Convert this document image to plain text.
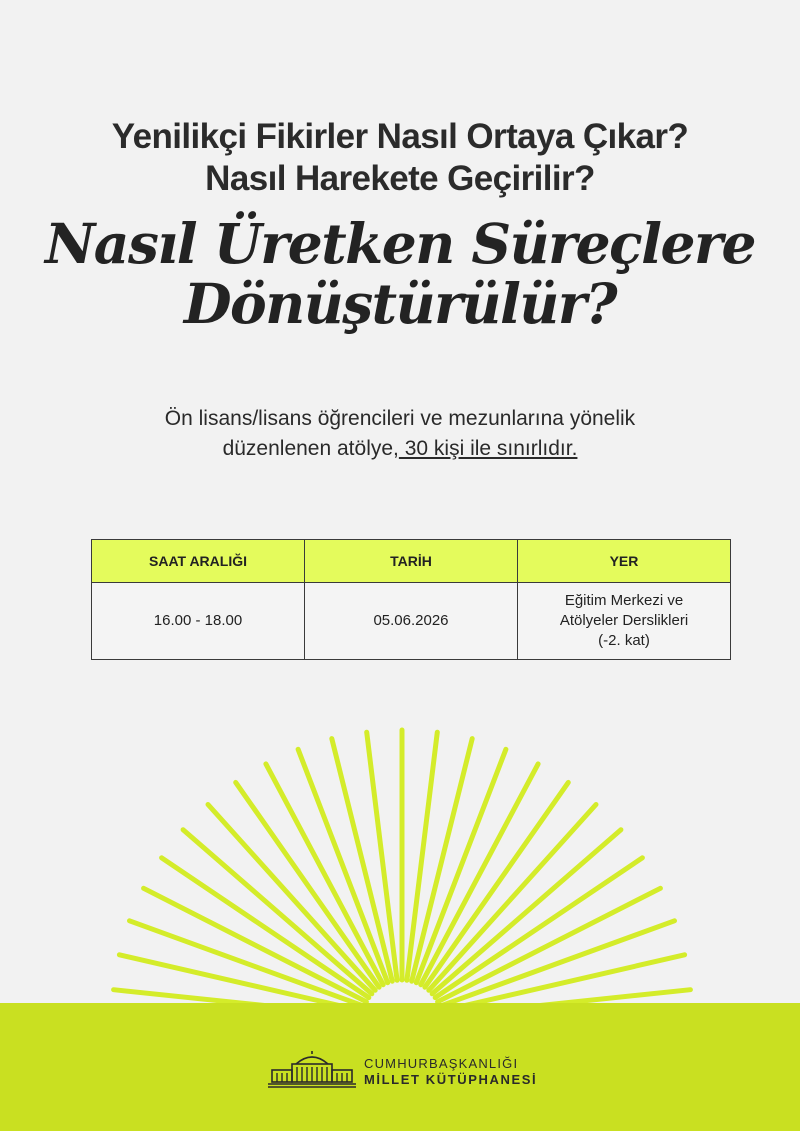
Yenilikçi Fikirler Nasıl Ortaya Çıkar?
Nasıl Harekete Geçirilir?
Nasıl Üretken Süreçlere
Dönüştürülür?
Ön lisans/lisans öğrencileri ve mezunlarına yönelik
düzenlenen atölye, 30 kişi ile sınırlıdır.
SAAT ARALIĞI	TARİH	YER
16.00 - 18.00	05.06.2026	Eğitim Merkezi ve
Atölyeler Derslikleri
(-2. kat)
CUMHURBAŞKANLIĞI
MİLLET KÜTÜPHANESİ
